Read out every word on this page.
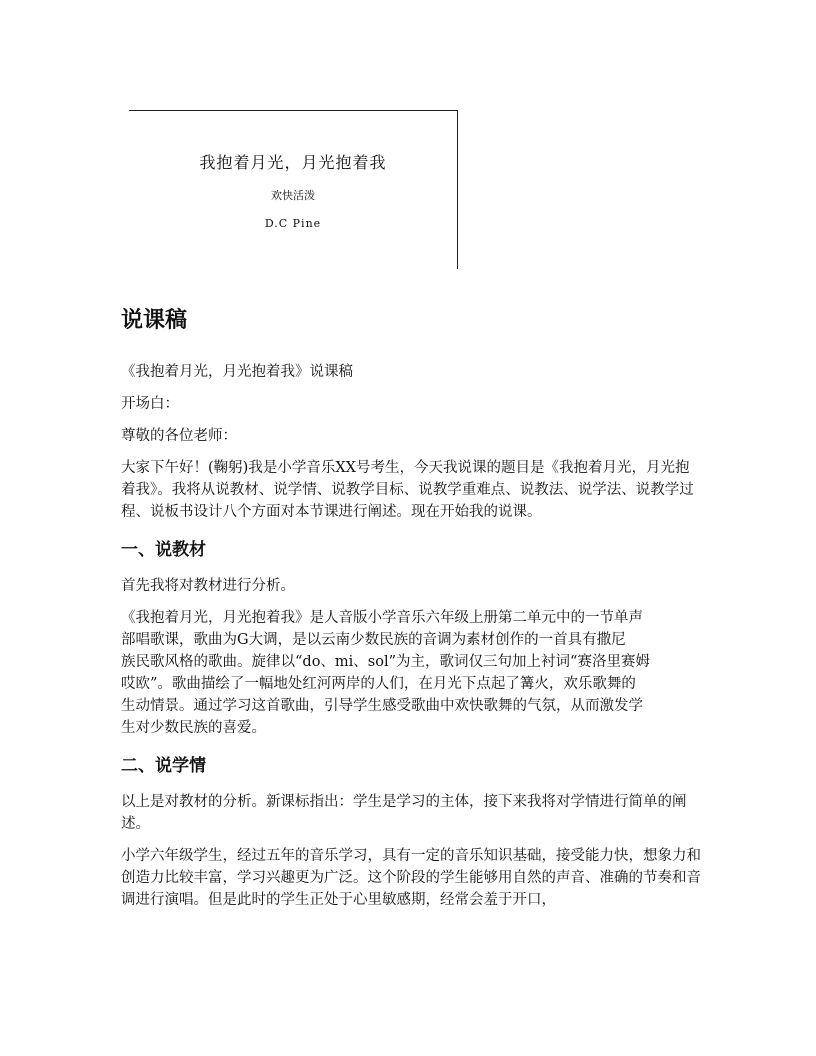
我抱着月光，月光抱着我
欢快活泼
D.C Pine
说课稿

《我抱着月光，月光抱着我》说课稿

开场白：

尊敬的各位老师：

大家下午好！(鞠躬)我是小学音乐XX号考生，今天我说课的题目是《我抱着月光，月光抱着我》。我将从说教材、说学情、说教学目标、说教学重难点、说教法、说学法、说教学过程、说板书设计八个方面对本节课进行阐述。现在开始我的说课。

一、说教材

首先我将对教材进行分析。

《我抱着月光，月光抱着我》是人音版小学音乐六年级上册第二单元中的一节单声
部唱歌课，歌曲为G大调，是以云南少数民族的音调为素材创作的一首具有撒尼
族民歌风格的歌曲。旋律以“do、mi、sol”为主，歌词仅三句加上衬词“赛洛里赛姆
哎欧”。歌曲描绘了一幅地处红河两岸的人们，在月光下点起了篝火，欢乐歌舞的
生动情景。通过学习这首歌曲，引导学生感受歌曲中欢快歌舞的气氛，从而激发学
生对少数民族的喜爱。

二、说学情

以上是对教材的分析。新课标指出：学生是学习的主体，接下来我将对学情进行简单的阐述。

小学六年级学生，经过五年的音乐学习，具有一定的音乐知识基础，接受能力快，想象力和创造力比较丰富，学习兴趣更为广泛。这个阶段的学生能够用自然的声音、准确的节奏和音调进行演唱。但是此时的学生正处于心里敏感期，经常会羞于开口，
